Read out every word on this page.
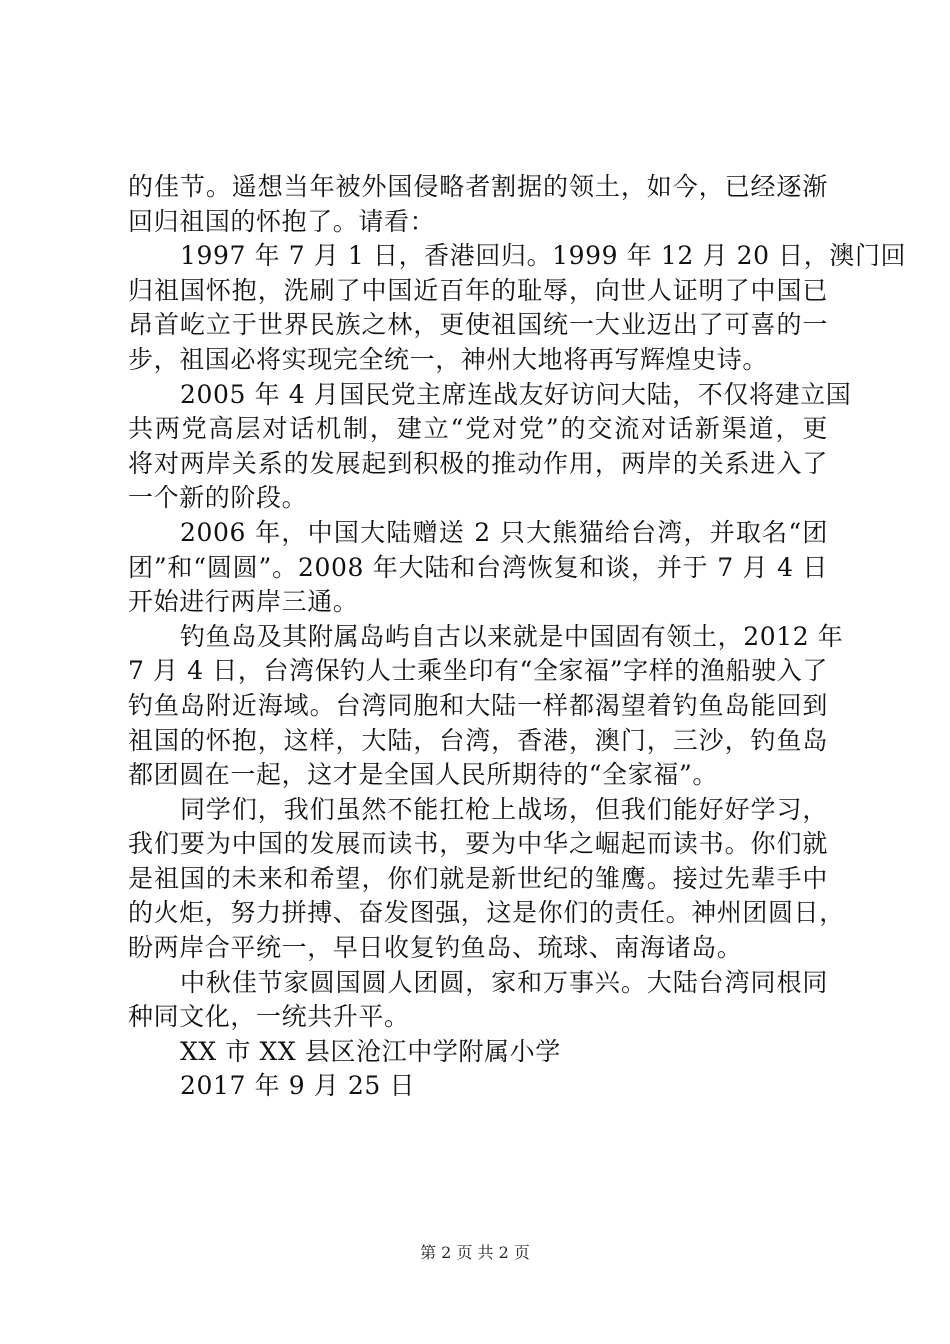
的佳节。遥想当年被外国侵略者割据的领土，如今，已经逐渐
回归祖国的怀抱了。请看：
1997 年 7 月 1 日，香港回归。1999 年 12 月 20 日，澳门回
归祖国怀抱，洗刷了中国近百年的耻辱，向世人证明了中国已
昂首屹立于世界民族之林，更使祖国统一大业迈出了可喜的一
步，祖国必将实现完全统一，神州大地将再写辉煌史诗。
2005 年 4 月国民党主席连战友好访问大陆，不仅将建立国
共两党高层对话机制，建立“党对党”的交流对话新渠道，更
将对两岸关系的发展起到积极的推动作用，两岸的关系进入了
一个新的阶段。
2006 年，中国大陆赠送 2 只大熊猫给台湾，并取名“团
团”和“圆圆”。2008 年大陆和台湾恢复和谈，并于 7 月 4 日
开始进行两岸三通。
钓鱼岛及其附属岛屿自古以来就是中国固有领土，2012 年
7 月 4 日，台湾保钓人士乘坐印有“全家福”字样的渔船驶入了
钓鱼岛附近海域。台湾同胞和大陆一样都渴望着钓鱼岛能回到
祖国的怀抱，这样，大陆，台湾，香港，澳门，三沙，钓鱼岛
都团圆在一起，这才是全国人民所期待的“全家福”。
同学们，我们虽然不能扛枪上战场，但我们能好好学习，
我们要为中国的发展而读书，要为中华之崛起而读书。你们就
是祖国的未来和希望，你们就是新世纪的雏鹰。接过先辈手中
的火炬，努力拼搏、奋发图强，这是你们的责任。神州团圆日，
盼两岸合平统一，早日收复钓鱼岛、琉球、南海诸岛。
中秋佳节家圆国圆人团圆，家和万事兴。大陆台湾同根同
种同文化，一统共升平。
XX 市 XX 县区沧江中学附属小学
2017 年 9 月 25 日
第 2 页 共 2 页
